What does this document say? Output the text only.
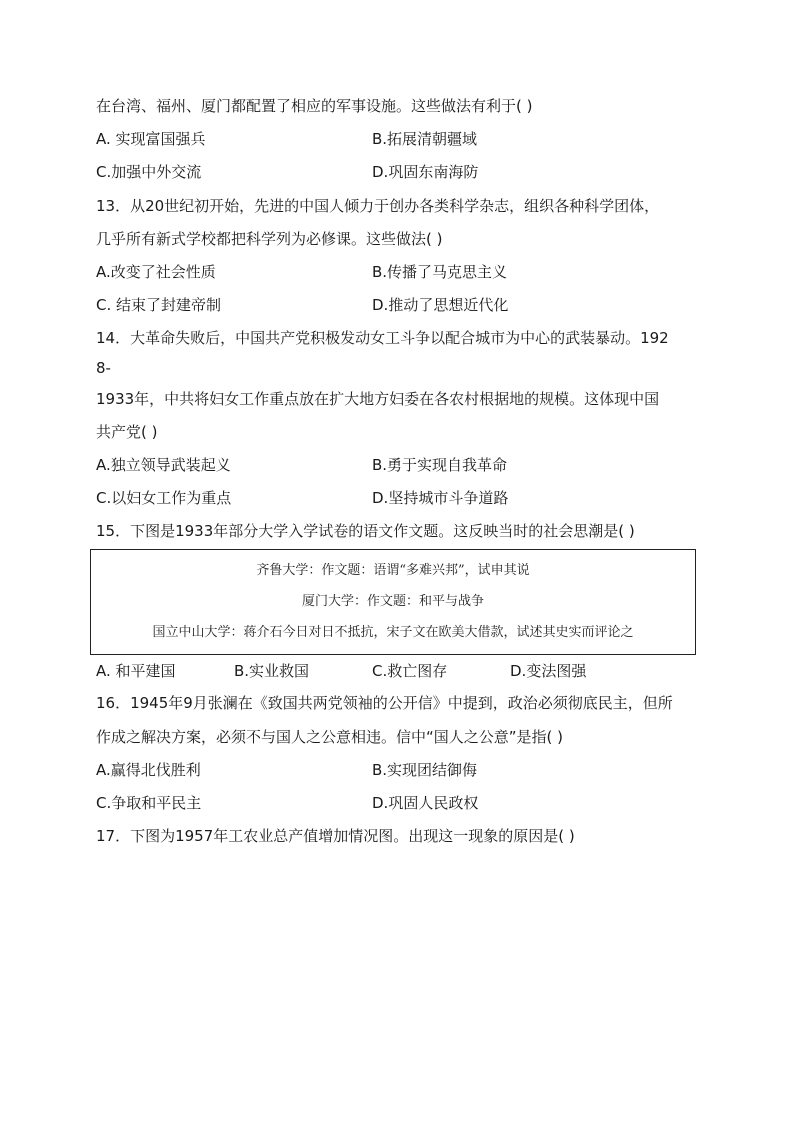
在台湾、福州、厦门都配置了相应的军事设施。这些做法有利于( )
A. 实现富国强兵	B.拓展清朝疆域
C.加强中外交流	D.巩固东南海防
13．从20世纪初开始，先进的中国人倾力于创办各类科学杂志，组织各种科学团体，
几乎所有新式学校都把科学列为必修课。这些做法( )
A.改变了社会性质	B.传播了马克思主义
C. 结束了封建帝制	D.推动了思想近代化
14．大革命失败后，中国共产党积极发动女工斗争以配合城市为中心的武装暴动。192
8-
1933年，中共将妇女工作重点放在扩大地方妇委在各农村根据地的规模。这体现中国
共产党( )
A.独立领导武装起义	B.勇于实现自我革命
C.以妇女工作为重点	D.坚持城市斗争道路
15．下图是1933年部分大学入学试卷的语文作文题。这反映当时的社会思潮是( )
齐鲁大学：作文题：语谓“多难兴邦”，试申其说
厦门大学：作文题：和平与战争
国立中山大学：蒋介石今日对日不抵抗，宋子文在欧美大借款，试述其史实而评论之
A. 和平建国	B.实业救国	C.救亡图存	D.变法图强
16．1945年9月张澜在《致国共两党领袖的公开信》中提到，政治必须彻底民主，但所
作成之解决方案，必须不与国人之公意相违。信中“国人之公意”是指( )
A.赢得北伐胜利	B.实现团结御侮
C.争取和平民主	D.巩固人民政权
17．下图为1957年工农业总产值增加情况图。出现这一现象的原因是( )
